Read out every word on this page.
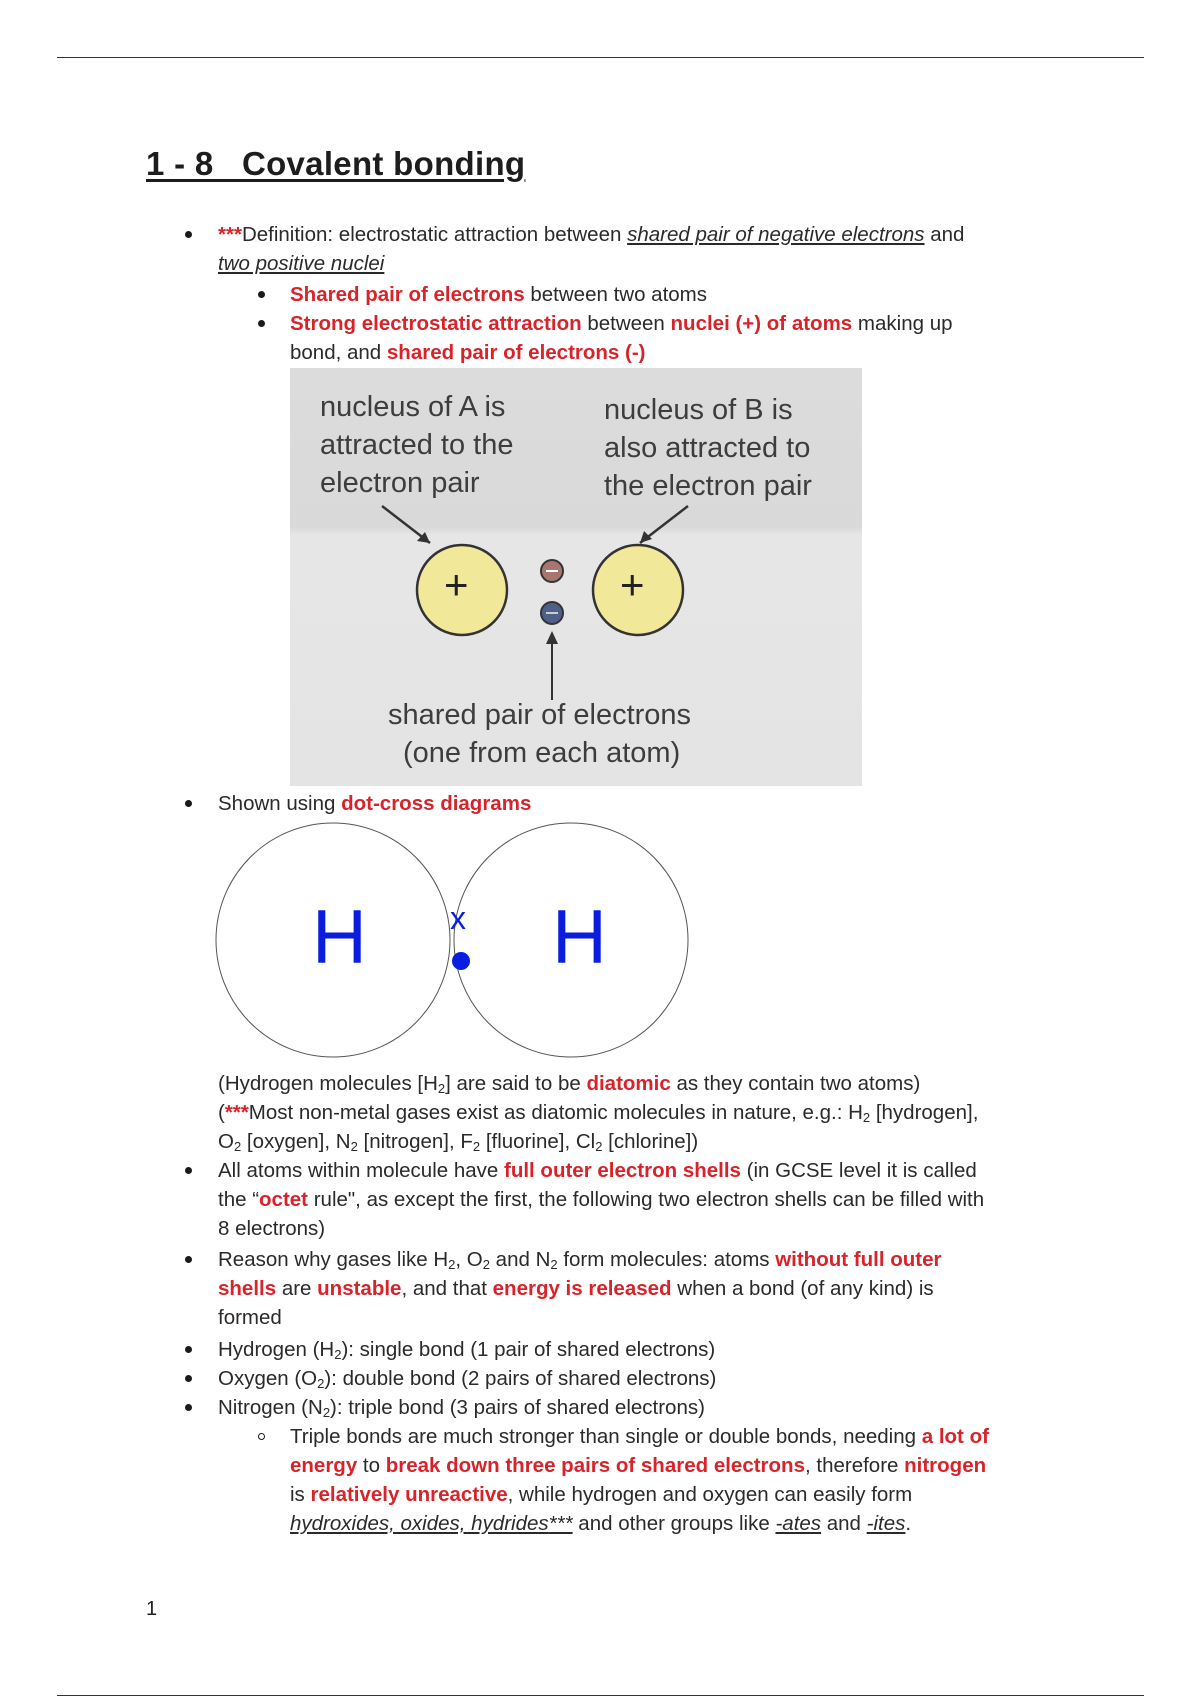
1 - 8   Covalent bonding
***Definition: electrostatic attraction between shared pair of negative electrons and
two positive nuclei
Shared pair of electrons between two atoms
Strong electrostatic attraction between nuclei (+) of atoms making up
bond, and shared pair of electrons (-)
nucleus of A is
attracted to the
electron pair
nucleus of B is
also attracted to
the electron pair
+	+
shared pair of electrons
(one from each atom)
Shown using dot-cross diagrams
H H
x
(Hydrogen molecules $[H_2]$ are said to be diatomic as they contain two atoms)
(***Most non-metal gases exist as diatomic molecules in nature, e.g.: $H_2$ [hydrogen],
$O_2$ [oxygen], $N_2$ [nitrogen], $F_2$ [fluorine], $Cl_2$ [chlorine])
All atoms within molecule have full outer electron shells (in GCSE level it is called
the “octet rule", as except the first, the following two electron shells can be filled with
8 electrons)
Reason why gases like $H_2$, $O_2$ and $N_2$ form molecules: atoms without full outer
shells are unstable, and that energy is released when a bond (of any kind) is
formed
Hydrogen $(H_2)$: single bond (1 pair of shared electrons)
Oxygen $(O_2)$: double bond (2 pairs of shared electrons)
Nitrogen $(N_2)$: triple bond (3 pairs of shared electrons)
Triple bonds are much stronger than single or double bonds, needing a lot of
energy to break down three pairs of shared electrons, therefore nitrogen
is relatively unreactive, while hydrogen and oxygen can easily form
hydroxides, oxides, hydrides*** and other groups like -ates and -ites.
1
